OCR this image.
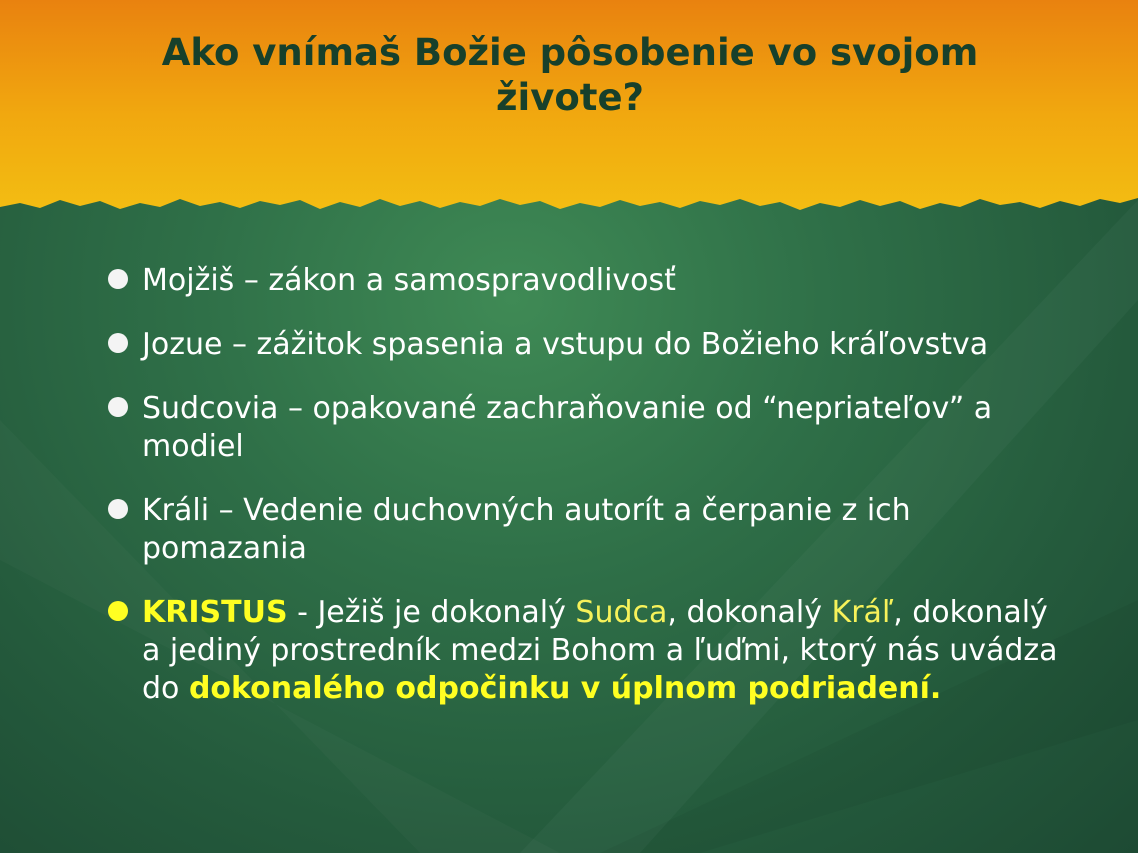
Ako vnímaš Božie pôsobenie vo svojom živote?
Mojžiš – zákon a samospravodlivosť
Jozue – zážitok spasenia a vstupu do Božieho kráľovstva
Sudcovia – opakované zachraňovanie od “nepriateľov” a modiel
Králi – Vedenie duchovných autorít a čerpanie z ich pomazania
KRISTUS - Ježiš je dokonalý Sudca, dokonalý Kráľ, dokonalý a jediný prostredník medzi Bohom a ľuďmi, ktorý nás uvádza do dokonalého odpočinku v úplnom podriadení.
